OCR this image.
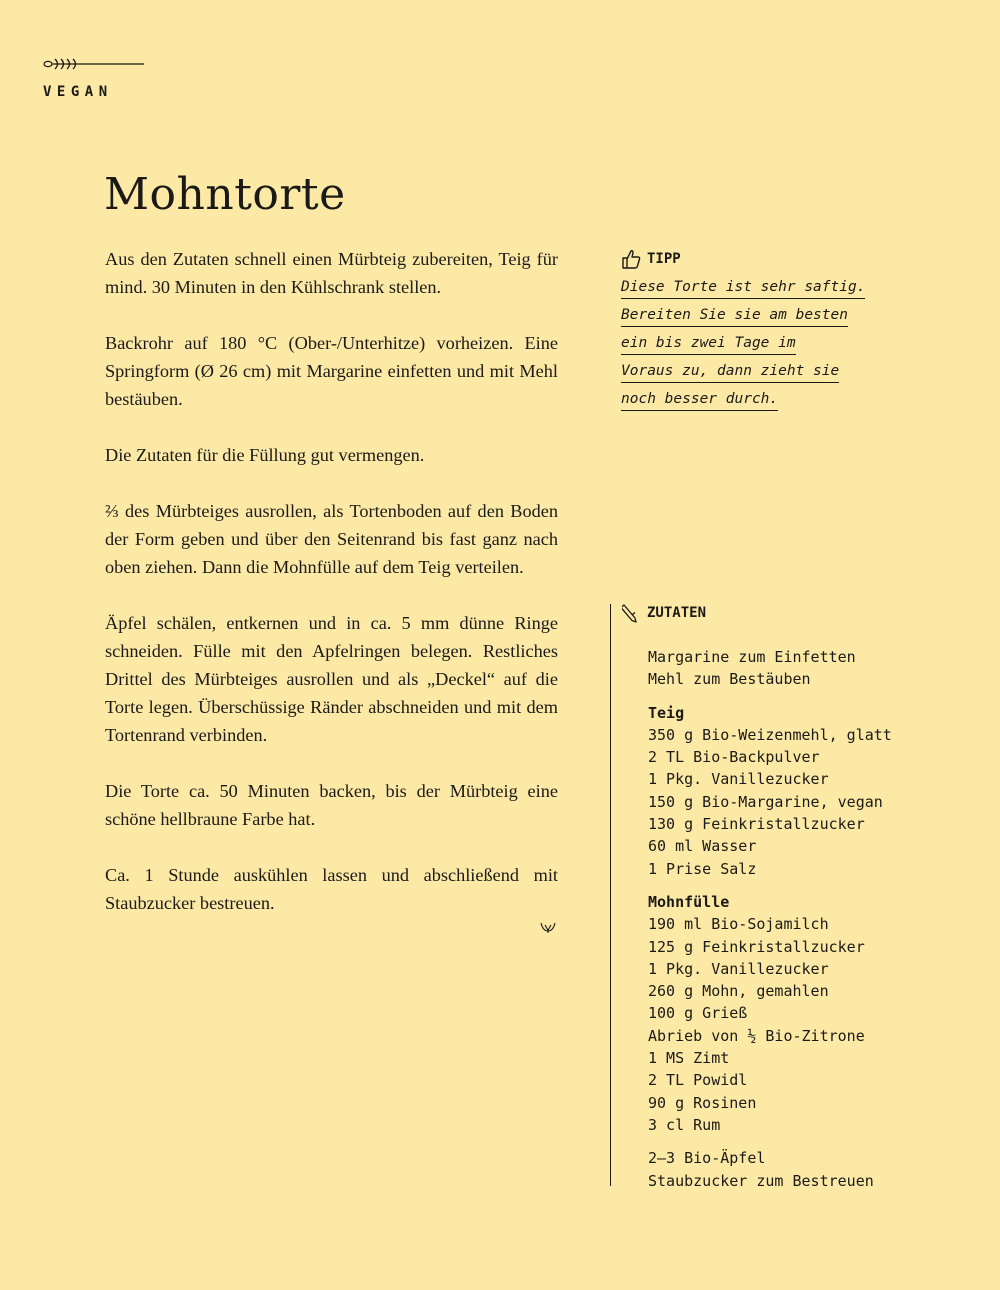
VEGAN
Mohntorte

Aus den Zutaten schnell einen Mürbteig zubereiten, Teig für mind. 30 Minuten in den Kühlschrank stellen.

Backrohr auf 180 °C (Ober-/Unterhitze) vorheizen. Eine Springform (Ø 26 cm) mit Margarine einfetten und mit Mehl bestäuben.

Die Zutaten für die Füllung gut vermengen.

⅔ des Mürbteiges ausrollen, als Tortenboden auf den Boden der Form geben und über den Seitenrand bis fast ganz nach oben ziehen. Dann die Mohnfülle auf dem Teig verteilen.

Äpfel schälen, entkernen und in ca. 5 mm dünne Ringe schneiden. Fülle mit den Apfelringen belegen. Restliches Drittel des Mürbteiges ausrollen und als „Deckel“ auf die Torte legen. Überschüssige Ränder abschneiden und mit dem Tortenrand verbinden.

Die Torte ca. 50 Minuten backen, bis der Mürbteig eine schöne hellbraune Farbe hat.

Ca. 1 Stunde auskühlen lassen und abschließend mit Staubzucker bestreuen.

TIPP
Diese Torte ist sehr saftig.
Bereiten Sie sie am besten
ein bis zwei Tage im
Voraus zu, dann zieht sie
noch besser durch.
ZUTATEN
Margarine zum Einfetten
Mehl zum Bestäuben
Teig
350 g Bio-Weizenmehl, glatt
2 TL Bio-Backpulver
1 Pkg. Vanillezucker
150 g Bio-Margarine, vegan
130 g Feinkristallzucker
60 ml Wasser
1 Prise Salz
Mohnfülle
190 ml Bio-Sojamilch
125 g Feinkristallzucker
1 Pkg. Vanillezucker
260 g Mohn, gemahlen
100 g Grieß
Abrieb von ½ Bio-Zitrone
1 MS Zimt
2 TL Powidl
90 g Rosinen
3 cl Rum
2–3 Bio-Äpfel
Staubzucker zum Bestreuen
